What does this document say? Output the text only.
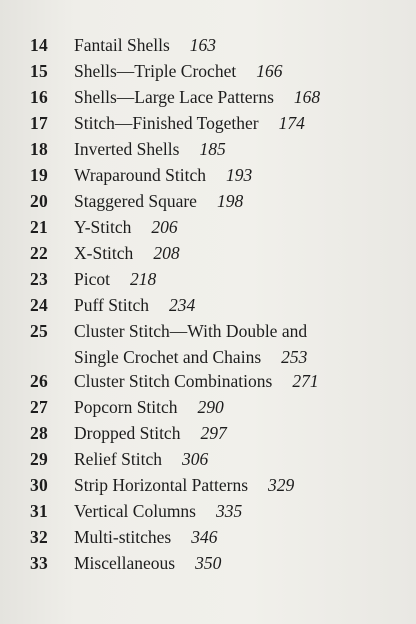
14	Fantail Shells 163
15	Shells—Triple Crochet 166
16	Shells—Large Lace Patterns 168
17	Stitch—Finished Together 174
18	Inverted Shells 185
19	Wraparound Stitch 193
20	Staggered Square 198
21	Y-Stitch 206
22	X-Stitch 208
23	Picot 218
24	Puff Stitch 234
25	Cluster Stitch—With Double and
Single Crochet and Chains 253
26	Cluster Stitch Combinations 271
27	Popcorn Stitch 290
28	Dropped Stitch 297
29	Relief Stitch 306
30	Strip Horizontal Patterns 329
31	Vertical Columns 335
32	Multi-stitches 346
33	Miscellaneous 350
